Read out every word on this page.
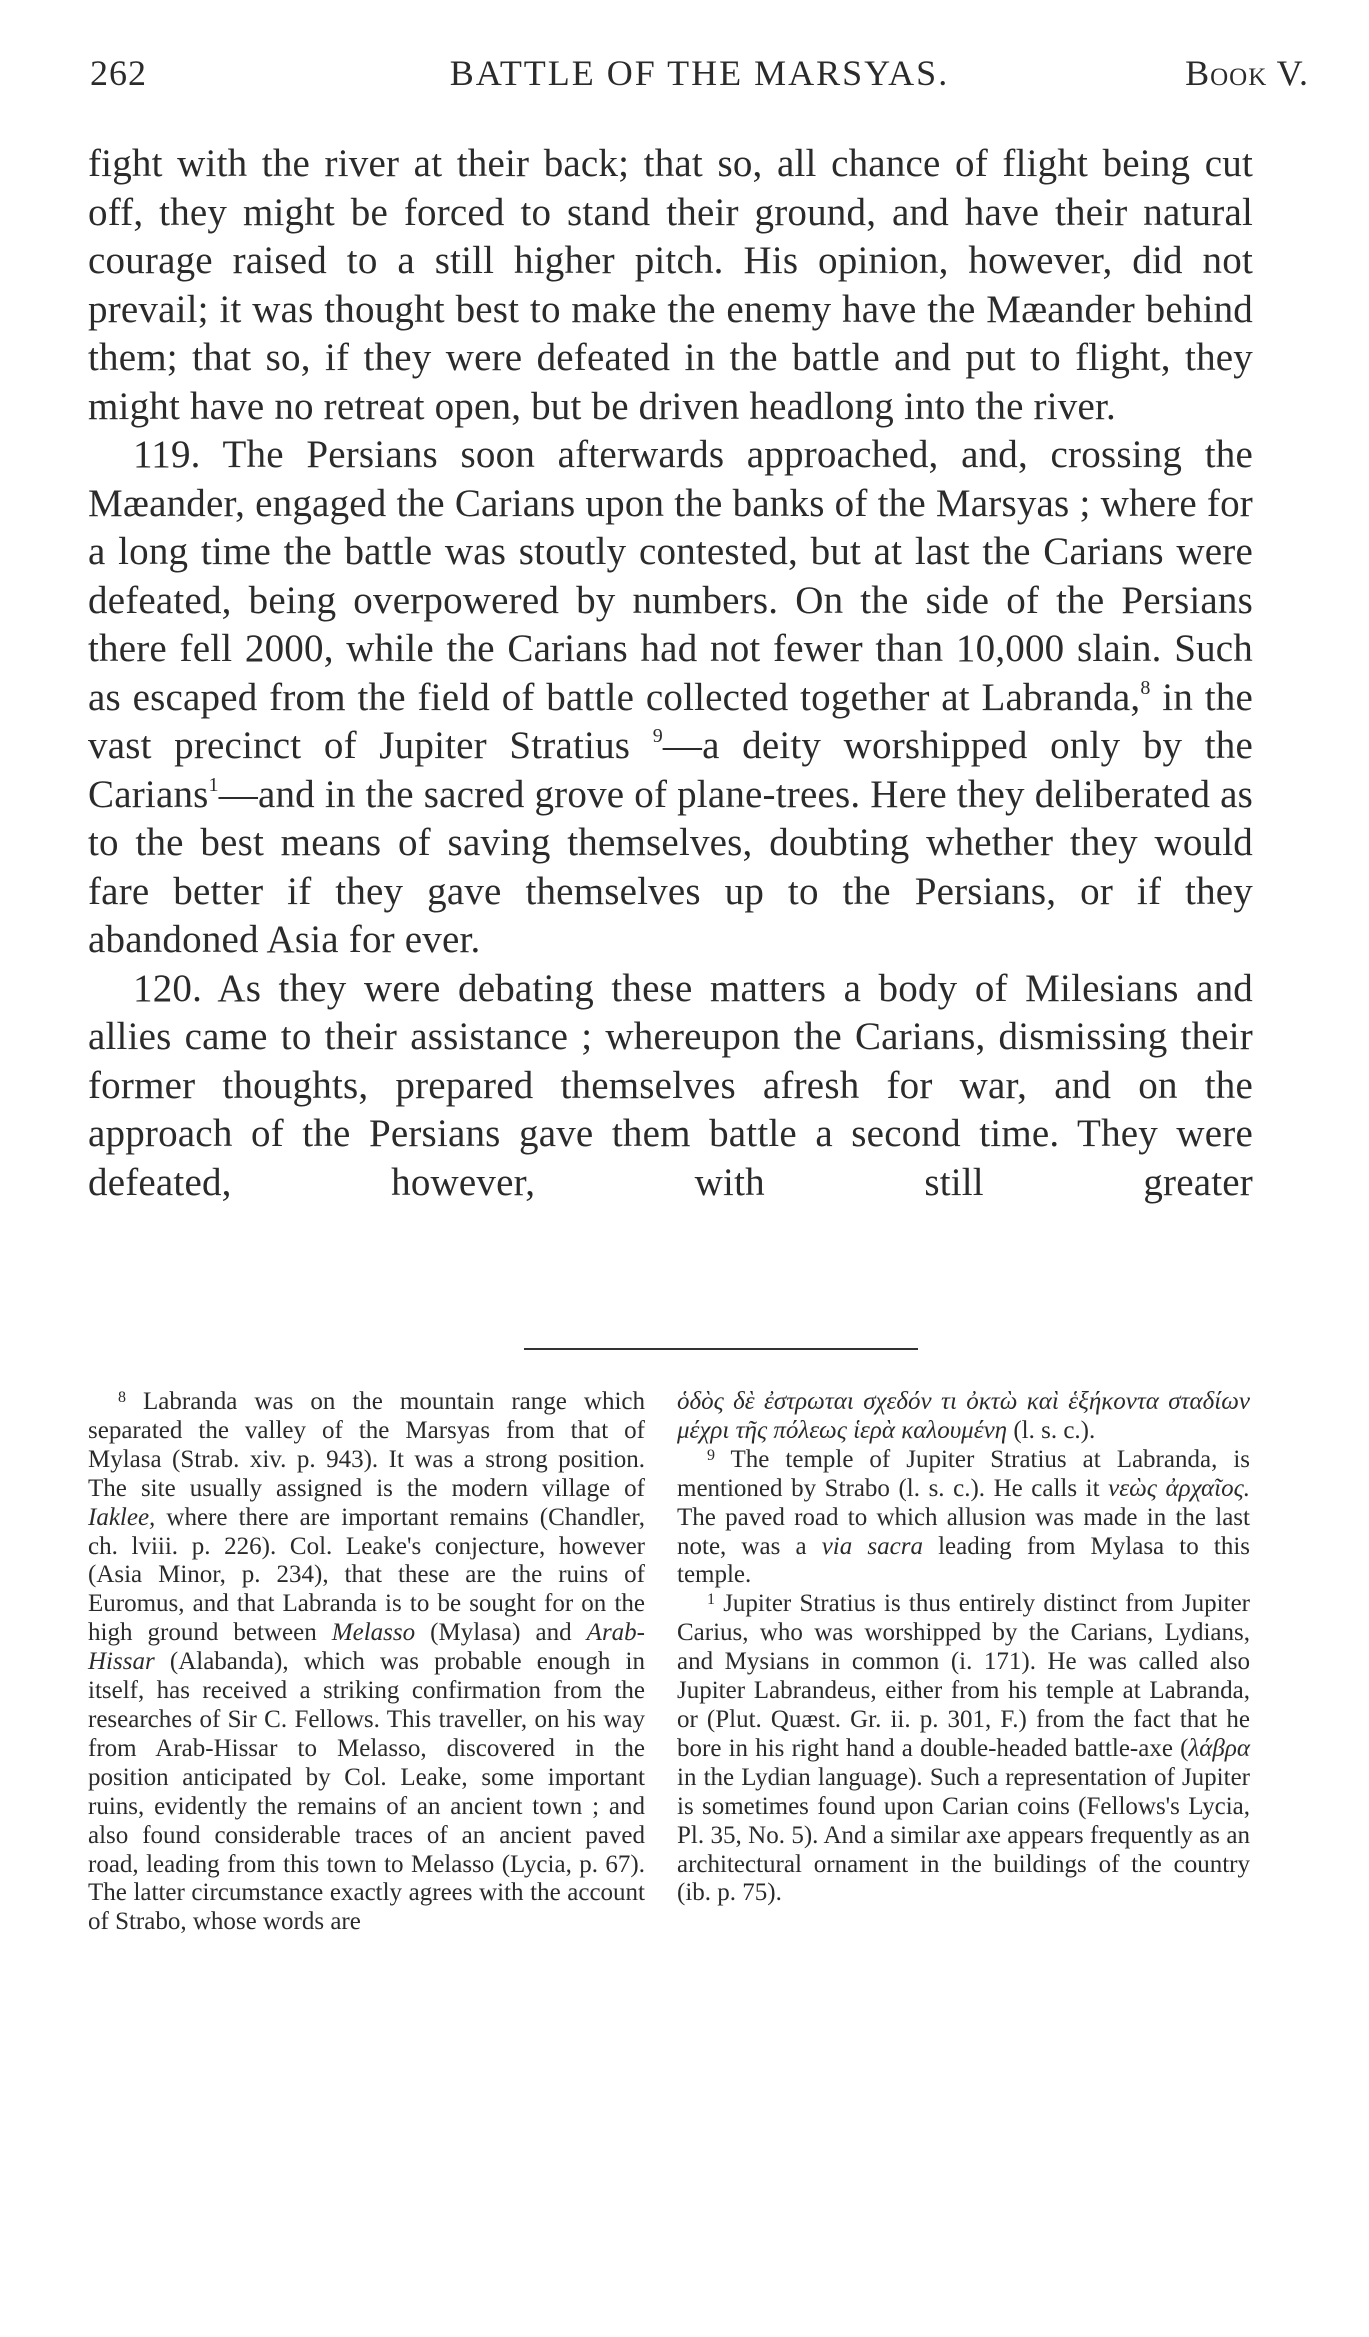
262	BATTLE OF THE MARSYAS.	Book V.

fight with the river at their back; that so, all chance of flight being cut off, they might be forced to stand their ground, and have their natural courage raised to a still higher pitch. His opinion, however, did not prevail; it was thought best to make the enemy have the Mæander behind them; that so, if they were defeated in the battle and put to flight, they might have no retreat open, but be driven headlong into the river.

119. The Persians soon afterwards approached, and, crossing the Mæander, engaged the Carians upon the banks of the Marsyas ; where for a long time the battle was stoutly contested, but at last the Carians were defeated, being overpowered by numbers. On the side of the Persians there fell 2000, while the Carians had not fewer than 10,000 slain. Such as escaped from the field of battle collected together at Labranda,$^8$ in the vast precinct of Jupiter Stratius $^9$—a deity worshipped only by the Carians$^1$—and in the sacred grove of plane-trees. Here they deliberated as to the best means of saving themselves, doubting whether they would fare better if they gave themselves up to the Persians, or if they abandoned Asia for ever.

120. As they were debating these matters a body of Milesians and allies came to their assistance ; whereupon the Carians, dismissing their former thoughts, prepared themselves afresh for war, and on the approach of the Persians gave them battle a second time. They were defeated, however, with still greater

$^8$ Labranda was on the mountain range which separated the valley of the Marsyas from that of Mylasa (Strab. xiv. p. 943). It was a strong position. The site usually assigned is the modern village of Iaklee, where there are important remains (Chandler, ch. lviii. p. 226). Col. Leake's conjecture, however (Asia Minor, p. 234), that these are the ruins of Euromus, and that Labranda is to be sought for on the high ground between Melasso (Mylasa) and Arab-Hissar (Alabanda), which was probable enough in itself, has received a striking confirmation from the researches of Sir C. Fellows. This traveller, on his way from Arab-Hissar to Melasso, discovered in the position anticipated by Col. Leake, some important ruins, evidently the remains of an ancient town ; and also found considerable traces of an ancient paved road, leading from this town to Melasso (Lycia, p. 67). The latter circumstance exactly agrees with the account of Strabo, whose words are

ὁδὸς δὲ ἐστρωται σχεδόν τι ὀκτὼ καὶ ἑξήκοντα σταδίων μέχρι τῆς πόλεως ἱερὰ καλουμένη (l. s. c.).

$^9$ The temple of Jupiter Stratius at Labranda, is mentioned by Strabo (l. s. c.). He calls it νεὼς ἀρχαῖος. The paved road to which allusion was made in the last note, was a via sacra leading from Mylasa to this temple.

$^1$ Jupiter Stratius is thus entirely distinct from Jupiter Carius, who was worshipped by the Carians, Lydians, and Mysians in common (i. 171). He was called also Jupiter Labrandeus, either from his temple at Labranda, or (Plut. Quæst. Gr. ii. p. 301, F.) from the fact that he bore in his right hand a double-headed battle-axe (λάβρα in the Lydian language). Such a representation of Jupiter is sometimes found upon Carian coins (Fellows's Lycia, Pl. 35, No. 5). And a similar axe appears frequently as an architectural ornament in the buildings of the country (ib. p. 75).
